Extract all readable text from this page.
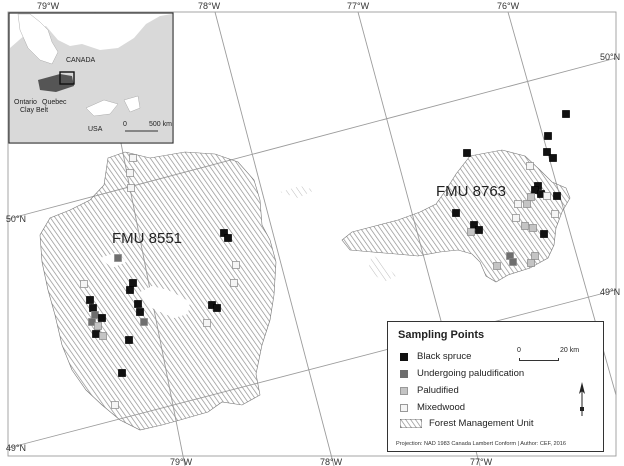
79°W	78°W	77°W	76°W
79°W	78°W	77°W
50°N
49°N
50°N
49°N
FMU 8551
FMU 8763
CANADA
Ontario Quebec
Clay Belt
USA
0	500 km
Sampling Points
0	20 km
Black spruce
Undergoing paludification
Paludified
Mixedwood
Forest Management Unit
Projection: NAD 1983 Canada Lambert Conform | Author: CEF, 2016
